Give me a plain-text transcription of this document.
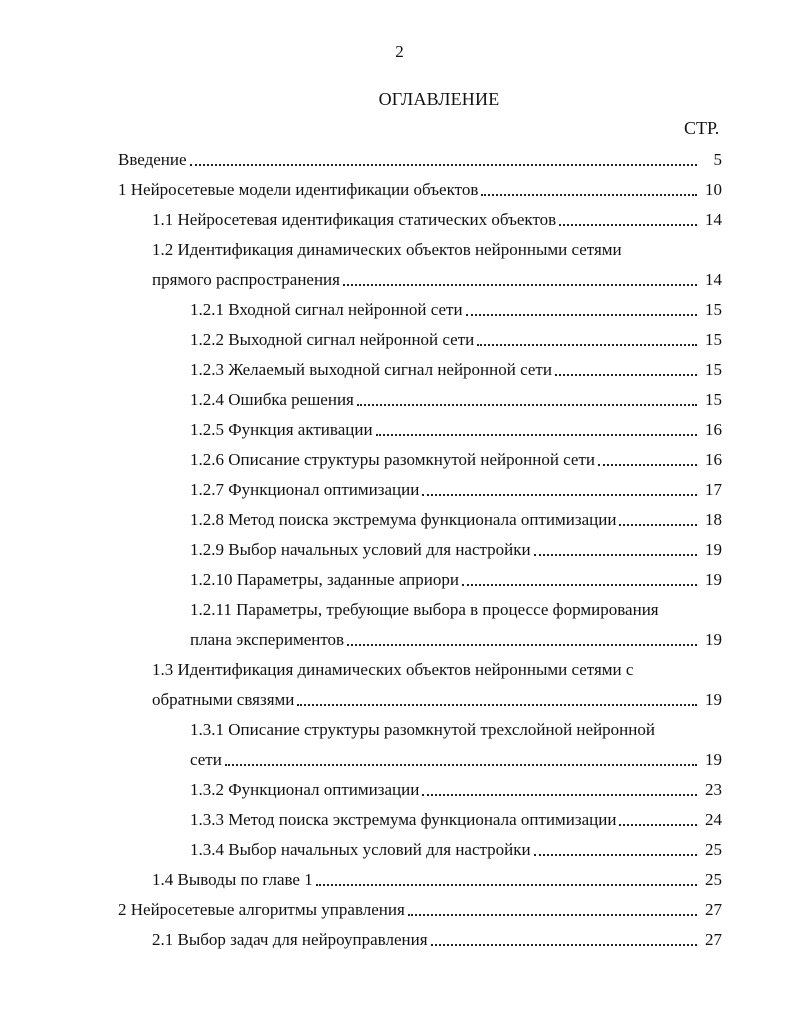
2
ОГЛАВЛЕНИЕ
СТР.
Введение	5
1 Нейросетевые модели идентификации объектов	10
1.1 Нейросетевая идентификация статических объектов	14
1.2 Идентификация динамических объектов нейронными сетями
прямого распространения	14
1.2.1 Входной сигнал нейронной сети	15
1.2.2 Выходной сигнал нейронной сети	15
1.2.3 Желаемый выходной сигнал нейронной сети	15
1.2.4 Ошибка решения	15
1.2.5 Функция активации	16
1.2.6 Описание структуры разомкнутой нейронной сети	16
1.2.7 Функционал оптимизации	17
1.2.8 Метод поиска экстремума функционала оптимизации	18
1.2.9 Выбор начальных условий для настройки	19
1.2.10 Параметры, заданные априори	19
1.2.11 Параметры, требующие выбора в процессе формирования
плана экспериментов	19
1.3 Идентификация динамических объектов нейронными сетями с
обратными связями	19
1.3.1 Описание структуры разомкнутой трехслойной нейронной
сети	19
1.3.2 Функционал оптимизации	23
1.3.3 Метод поиска экстремума функционала оптимизации	24
1.3.4 Выбор начальных условий для настройки	25
1.4 Выводы по главе 1	25
2 Нейросетевые алгоритмы управления	27
2.1 Выбор задач для нейроуправления	27
